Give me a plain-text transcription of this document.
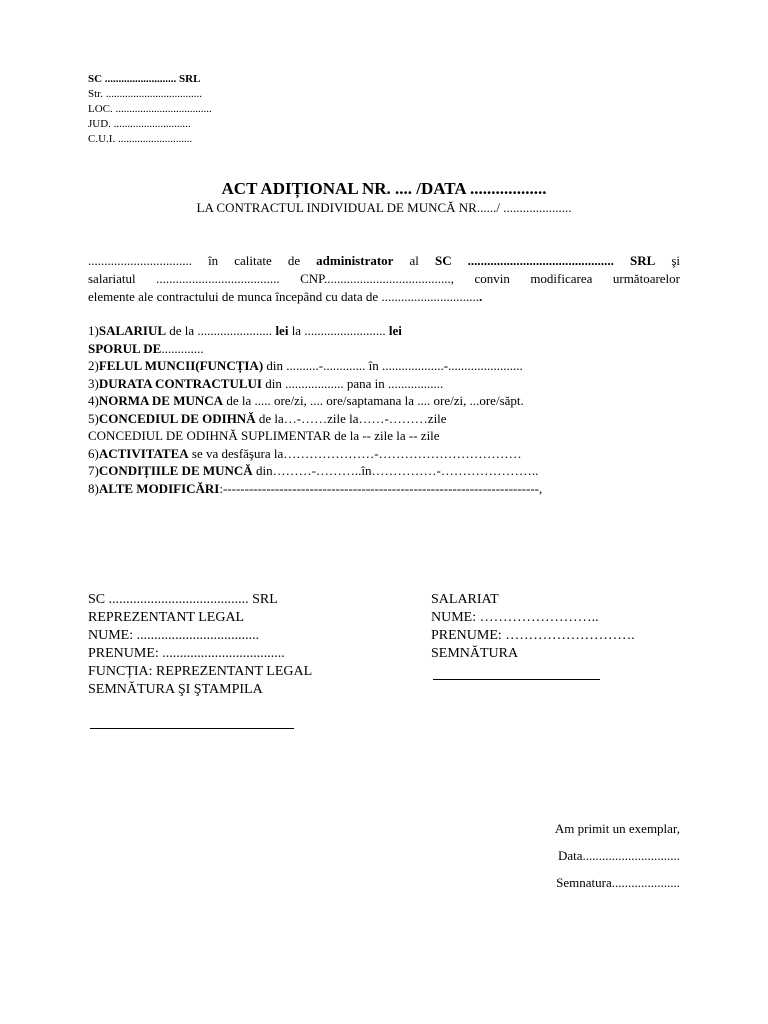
SC .......................... SRL
Str. ...................................
LOC. ...................................
JUD. ............................
C.U.I. ...........................
ACT ADIȚIONAL NR. .... /DATA ..................
LA CONTRACTUL INDIVIDUAL DE MUNCĂ NR....../ .....................
................................ în calitate de administrator al SC ............................................. SRL şi
salariatul ...................................... CNP......................................., convin modificarea următoarelor
elemente ale contractului de munca începând cu data de ...............................
1)SALARIUL de la ....................... lei la ......................... lei
SPORUL DE.............
2)FELUL MUNCII(FUNCȚIA) din ..........-............. în ...................-.......................
3)DURATA CONTRACTULUI din .................. pana in .................
4)NORMA DE MUNCA de la ..... ore/zi, .... ore/saptamana la .... ore/zi, ...ore/săpt.
5)CONCEDIUL DE ODIHNĂ de la…-……zile la……-………zile
CONCEDIUL DE ODIHNĂ SUPLIMENTAR de la -- zile la -- zile
6)ACTIVITATEA se va desfăşura la…………………-……………………………
7)CONDIȚIILE DE MUNCĂ din………-………..în……………-…………………..
8)ALTE MODIFICĂRI:-------------------------------------------------------------------------,
SC ........................................ SRL
REPREZENTANT LEGAL
NUME: ...................................
PRENUME: ...................................
FUNCȚIA: REPREZENTANT LEGAL
SEMNĂTURA ŞI ŞTAMPILA
SALARIAT
NUME: ……………………..
PRENUME: ……………………….
SEMNĂTURA
Am primit un exemplar,
Data..............................
Semnatura.....................
